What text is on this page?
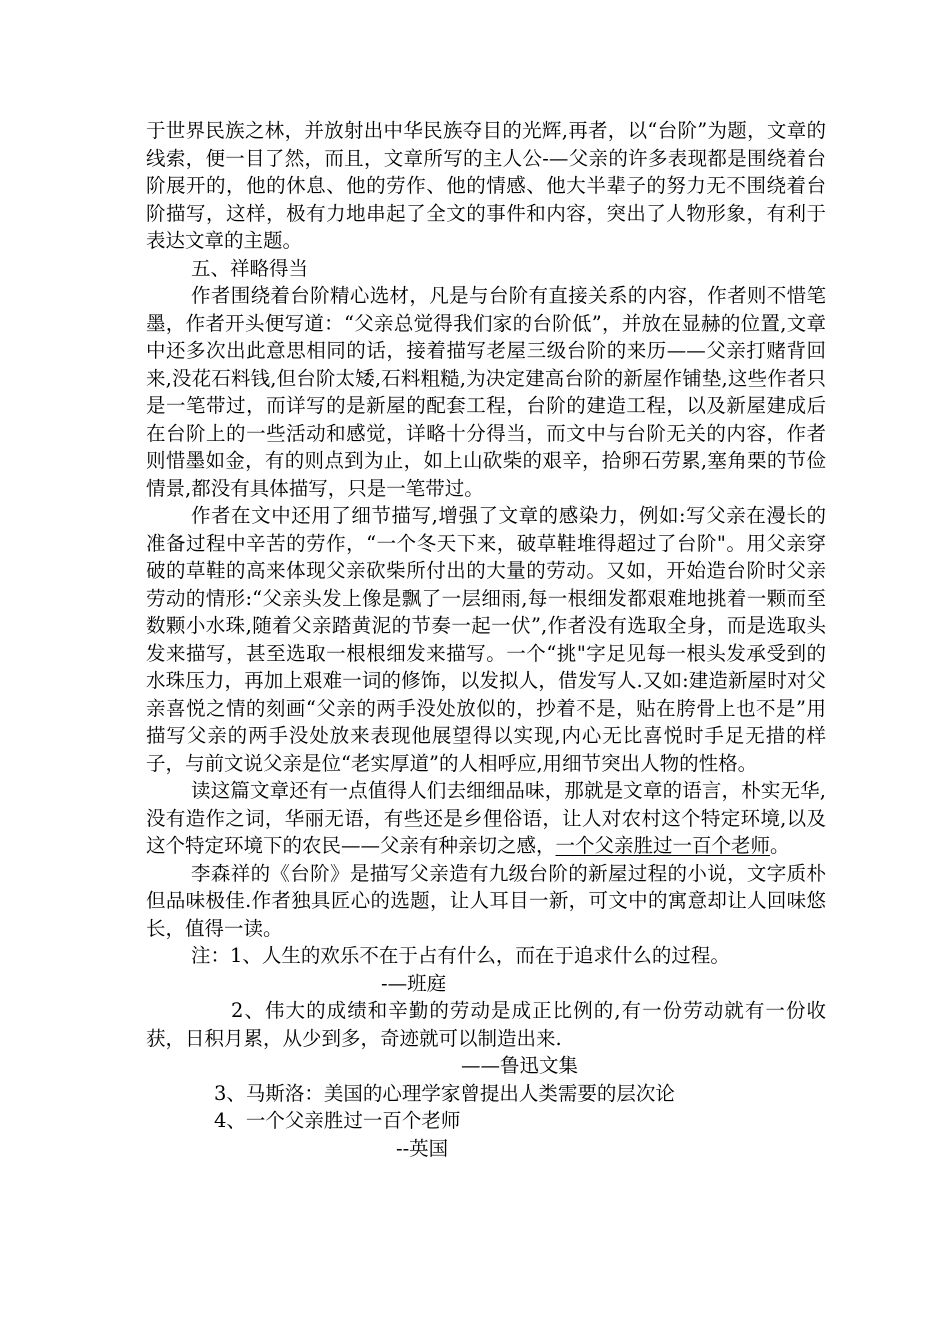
于世界民族之林，并放射出中华民族夺目的光辉,再者，以“台阶”为题，文章的线索，便一目了然，而且，文章所写的主人公-—父亲的许多表现都是围绕着台阶展开的，他的休息、他的劳作、他的情感、他大半辈子的努力无不围绕着台阶描写，这样，极有力地串起了全文的事件和内容，突出了人物形象，有利于表达文章的主题。

五、祥略得当

作者围绕着台阶精心选材，凡是与台阶有直接关系的内容，作者则不惜笔墨，作者开头便写道：“父亲总觉得我们家的台阶低”，并放在显赫的位置,文章中还多次出此意思相同的话，接着描写老屋三级台阶的来历——父亲打赌背回来,没花石料钱,但台阶太矮,石料粗糙,为决定建高台阶的新屋作铺垫,这些作者只是一笔带过，而详写的是新屋的配套工程，台阶的建造工程，以及新屋建成后在台阶上的一些活动和感觉，详略十分得当，而文中与台阶无关的内容，作者则惜墨如金，有的则点到为止，如上山砍柴的艰辛，拾卵石劳累,塞角栗的节俭情景,都没有具体描写，只是一笔带过。

作者在文中还用了细节描写,增强了文章的感染力，例如:写父亲在漫长的准备过程中辛苦的劳作，“一个冬天下来，破草鞋堆得超过了台阶"。用父亲穿破的草鞋的高来体现父亲砍柴所付出的大量的劳动。又如，开始造台阶时父亲劳动的情形:“父亲头发上像是飘了一层细雨,每一根细发都艰难地挑着一颗而至数颗小水珠,随着父亲踏黄泥的节奏一起一伏”,作者没有选取全身，而是选取头发来描写，甚至选取一根根细发来描写。一个“挑"字足见每一根头发承受到的水珠压力，再加上艰难一词的修饰，以发拟人，借发写人.又如:建造新屋时对父亲喜悦之情的刻画“父亲的两手没处放似的，抄着不是，贴在胯骨上也不是”用描写父亲的两手没处放来表现他展望得以实现,内心无比喜悦时手足无措的样子，与前文说父亲是位“老实厚道”的人相呼应,用细节突出人物的性格。

读这篇文章还有一点值得人们去细细品味，那就是文章的语言，朴实无华,没有造作之词，华丽无语，有些还是乡俚俗语，让人对农村这个特定环境,以及这个特定环境下的农民——父亲有种亲切之感，一个父亲胜过一百个老师。

李森祥的《台阶》是描写父亲造有九级台阶的新屋过程的小说，文字质朴但品味极佳.作者独具匠心的选题，让人耳目一新，可文中的寓意却让人回味悠长，值得一读。

注：1、人生的欢乐不在于占有什么，而在于追求什么的过程。

-—班庭

2、伟大的成绩和辛勤的劳动是成正比例的,有一份劳动就有一份收获，日积月累，从少到多，奇迹就可以制造出来.

——鲁迅文集

3、马斯洛：美国的心理学家曾提出人类需要的层次论

4、一个父亲胜过一百个老师

--英国
